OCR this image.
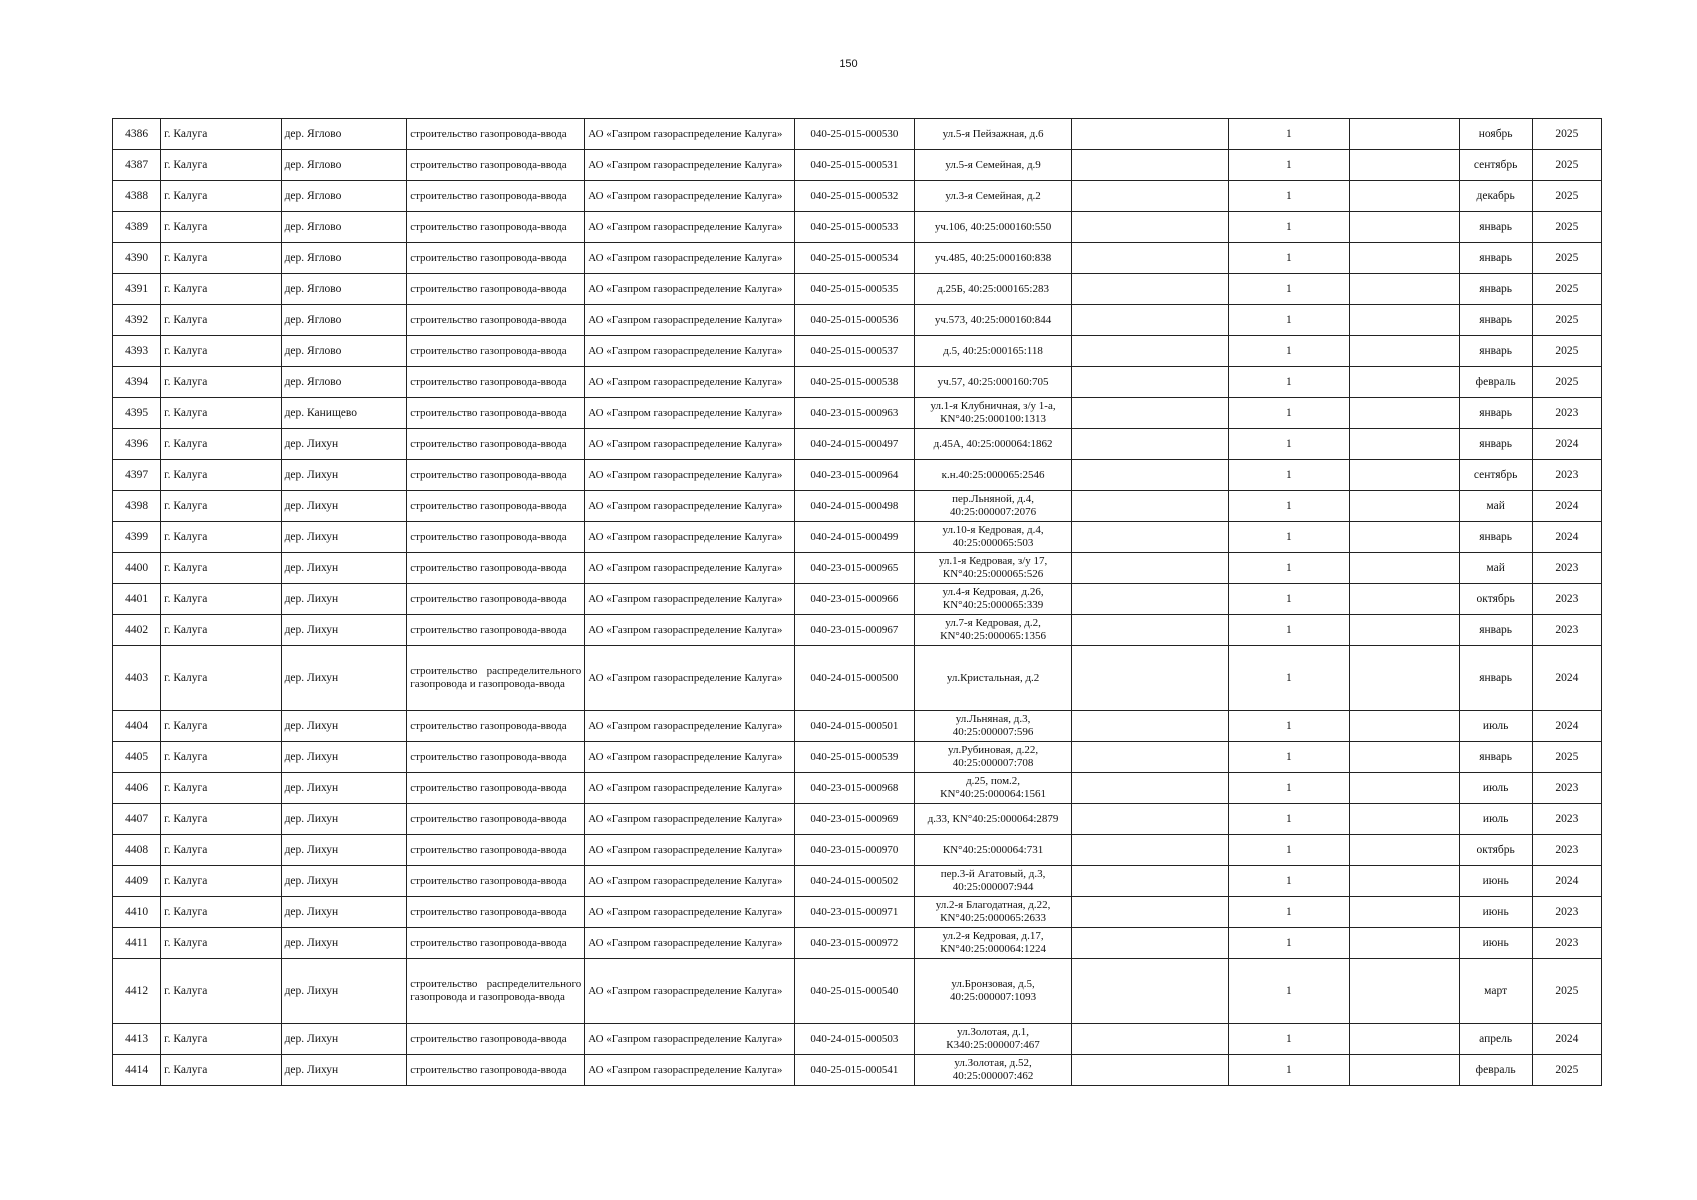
150
4386	г. Калуга	дер. Яглово	строительство газопровода-ввода	АО «Газпром газораспределение Калуга»	040-25-015-000530	ул.5-я Пейзажная, д.6		1		ноябрь	2025
4387	г. Калуга	дер. Яглово	строительство газопровода-ввода	АО «Газпром газораспределение Калуга»	040-25-015-000531	ул.5-я Семейная, д.9		1		сентябрь	2025
4388	г. Калуга	дер. Яглово	строительство газопровода-ввода	АО «Газпром газораспределение Калуга»	040-25-015-000532	ул.3-я Семейная, д.2		1		декабрь	2025
4389	г. Калуга	дер. Яглово	строительство газопровода-ввода	АО «Газпром газораспределение Калуга»	040-25-015-000533	уч.106, 40:25:000160:550		1		январь	2025
4390	г. Калуга	дер. Яглово	строительство газопровода-ввода	АО «Газпром газораспределение Калуга»	040-25-015-000534	уч.485, 40:25:000160:838		1		январь	2025
4391	г. Калуга	дер. Яглово	строительство газопровода-ввода	АО «Газпром газораспределение Калуга»	040-25-015-000535	д.25Б, 40:25:000165:283		1		январь	2025
4392	г. Калуга	дер. Яглово	строительство газопровода-ввода	АО «Газпром газораспределение Калуга»	040-25-015-000536	уч.573, 40:25:000160:844		1		январь	2025
4393	г. Калуга	дер. Яглово	строительство газопровода-ввода	АО «Газпром газораспределение Калуга»	040-25-015-000537	д.5, 40:25:000165:118		1		январь	2025
4394	г. Калуга	дер. Яглово	строительство газопровода-ввода	АО «Газпром газораспределение Калуга»	040-25-015-000538	уч.57, 40:25:000160:705		1		февраль	2025
4395	г. Калуга	дер. Канищево	строительство газопровода-ввода	АО «Газпром газораспределение Калуга»	040-23-015-000963	ул.1-я Клубничная, з/у 1-а, КN°40:25:000100:1313		1		январь	2023
4396	г. Калуга	дер. Лихун	строительство газопровода-ввода	АО «Газпром газораспределение Калуга»	040-24-015-000497	д.45А, 40:25:000064:1862		1		январь	2024
4397	г. Калуга	дер. Лихун	строительство газопровода-ввода	АО «Газпром газораспределение Калуга»	040-23-015-000964	к.н.40:25:000065:2546		1		сентябрь	2023
4398	г. Калуга	дер. Лихун	строительство газопровода-ввода	АО «Газпром газораспределение Калуга»	040-24-015-000498	пер.Льняной, д.4, 40:25:000007:2076		1		май	2024
4399	г. Калуга	дер. Лихун	строительство газопровода-ввода	АО «Газпром газораспределение Калуга»	040-24-015-000499	ул.10-я Кедровая, д.4, 40:25:000065:503		1		январь	2024
4400	г. Калуга	дер. Лихун	строительство газопровода-ввода	АО «Газпром газораспределение Калуга»	040-23-015-000965	ул.1-я Кедровая, з/у 17, КN°40:25:000065:526		1		май	2023
4401	г. Калуга	дер. Лихун	строительство газопровода-ввода	АО «Газпром газораспределение Калуга»	040-23-015-000966	ул.4-я Кедровая, д.26, КN°40:25:000065:339		1		октябрь	2023
4402	г. Калуга	дер. Лихун	строительство газопровода-ввода	АО «Газпром газораспределение Калуга»	040-23-015-000967	ул.7-я Кедровая, д.2, КN°40:25:000065:1356		1		январь	2023
4403	г. Калуга	дер. Лихун	строительство распределительного газопровода и газопровода-ввода	АО «Газпром газораспределение Калуга»	040-24-015-000500	ул.Кристальная, д.2		1		январь	2024
4404	г. Калуга	дер. Лихун	строительство газопровода-ввода	АО «Газпром газораспределение Калуга»	040-24-015-000501	ул.Льняная, д.3, 40:25:000007:596		1		июль	2024
4405	г. Калуга	дер. Лихун	строительство газопровода-ввода	АО «Газпром газораспределение Калуга»	040-25-015-000539	ул.Рубиновая, д.22, 40:25:000007:708		1		январь	2025
4406	г. Калуга	дер. Лихун	строительство газопровода-ввода	АО «Газпром газораспределение Калуга»	040-23-015-000968	д.25, пом.2, КN°40:25:000064:1561		1		июль	2023
4407	г. Калуга	дер. Лихун	строительство газопровода-ввода	АО «Газпром газораспределение Калуга»	040-23-015-000969	д.33, КN°40:25:000064:2879		1		июль	2023
4408	г. Калуга	дер. Лихун	строительство газопровода-ввода	АО «Газпром газораспределение Калуга»	040-23-015-000970	КN°40:25:000064:731		1		октябрь	2023
4409	г. Калуга	дер. Лихун	строительство газопровода-ввода	АО «Газпром газораспределение Калуга»	040-24-015-000502	пер.3-й Агатовый, д.3, 40:25:000007:944		1		июнь	2024
4410	г. Калуга	дер. Лихун	строительство газопровода-ввода	АО «Газпром газораспределение Калуга»	040-23-015-000971	ул.2-я Благодатная, д.22, КN°40:25:000065:2633		1		июнь	2023
4411	г. Калуга	дер. Лихун	строительство газопровода-ввода	АО «Газпром газораспределение Калуга»	040-23-015-000972	ул.2-я Кедровая, д.17, КN°40:25:000064:1224		1		июнь	2023
4412	г. Калуга	дер. Лихун	строительство распределительного газопровода и газопровода-ввода	АО «Газпром газораспределение Калуга»	040-25-015-000540	ул.Бронзовая, д.5, 40:25:000007:1093		1		март	2025
4413	г. Калуга	дер. Лихун	строительство газопровода-ввода	АО «Газпром газораспределение Калуга»	040-24-015-000503	ул.Золотая, д.1, К340:25:000007:467		1		апрель	2024
4414	г. Калуга	дер. Лихун	строительство газопровода-ввода	АО «Газпром газораспределение Калуга»	040-25-015-000541	ул.Золотая, д.52, 40:25:000007:462		1		февраль	2025
